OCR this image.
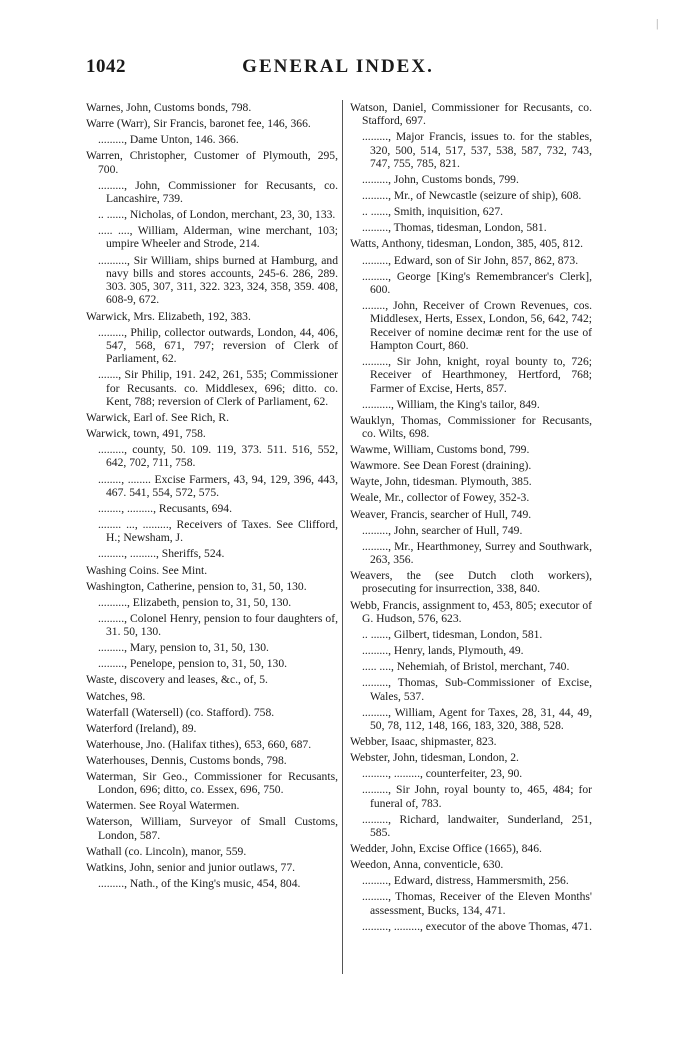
|
1042	GENERAL INDEX.
Warnes, John, Customs bonds, 798.
Warre (Warr), Sir Francis, baronet fee, 146, 366.
........., Dame Unton, 146. 366.
Warren, Christopher, Customer of Plymouth, 295, 700.
........., John, Commissioner for Recusants, co. Lancashire, 739.
.. ......, Nicholas, of London, merchant, 23, 30, 133.
..... ...., William, Alderman, wine merchant, 103; umpire Wheeler and Strode, 214.
.........., Sir William, ships burned at Hamburg, and navy bills and stores accounts, 245-6. 286, 289. 303. 305, 307, 311, 322. 323, 324, 358, 359. 408, 608-9, 672.
Warwick, Mrs. Elizabeth, 192, 383.
........., Philip, collector outwards, London, 44, 406, 547, 568, 671, 797; reversion of Clerk of Parliament, 62.
......., Sir Philip, 191. 242, 261, 535; Commissioner for Recusants. co. Middlesex, 696; ditto. co. Kent, 788; reversion of Clerk of Parliament, 62.
Warwick, Earl of. See Rich, R.
Warwick, town, 491, 758.
........., county, 50. 109. 119, 373. 511. 516, 552, 642, 702, 711, 758.
........, ........ Excise Farmers, 43, 94, 129, 396, 443, 467. 541, 554, 572, 575.
........, ........., Recusants, 694.
........ ..., ........., Receivers of Taxes. See Clifford, H.; Newsham, J.
........., ........., Sheriffs, 524.
Washing Coins. See Mint.
Washington, Catherine, pension to, 31, 50, 130.
.........., Elizabeth, pension to, 31, 50, 130.
........., Colonel Henry, pension to four daughters of, 31. 50, 130.
........., Mary, pension to, 31, 50, 130.
........., Penelope, pension to, 31, 50, 130.
Waste, discovery and leases, &c., of, 5.
Watches, 98.
Waterfall (Watersell) (co. Stafford). 758.
Waterford (Ireland), 89.
Waterhouse, Jno. (Halifax tithes), 653, 660, 687.
Waterhouses, Dennis, Customs bonds, 798.
Waterman, Sir Geo., Commissioner for Recusants, London, 696; ditto, co. Essex, 696, 750.
Watermen. See Royal Watermen.
Waterson, William, Surveyor of Small Customs, London, 587.
Wathall (co. Lincoln), manor, 559.
Watkins, John, senior and junior outlaws, 77.
........., Nath., of the King's music, 454, 804.
Watson, Daniel, Commissioner for Recusants, co. Stafford, 697.
........., Major Francis, issues to. for the stables, 320, 500, 514, 517, 537, 538, 587, 732, 743, 747, 755, 785, 821.
........., John, Customs bonds, 799.
........., Mr., of Newcastle (seizure of ship), 608.
.. ......, Smith, inquisition, 627.
........., Thomas, tidesman, London, 581.
Watts, Anthony, tidesman, London, 385, 405, 812.
........., Edward, son of Sir John, 857, 862, 873.
........., George [King's Remembrancer's Clerk], 600.
........, John, Receiver of Crown Revenues, cos. Middlesex, Herts, Essex, London, 56, 642, 742; Receiver of nomine decimæ rent for the use of Hampton Court, 860.
........., Sir John, knight, royal bounty to, 726; Receiver of Hearthmoney, Hertford, 768; Farmer of Excise, Herts, 857.
.........., William, the King's tailor, 849.
Wauklyn, Thomas, Commissioner for Recusants, co. Wilts, 698.
Wawme, William, Customs bond, 799.
Wawmore. See Dean Forest (draining).
Wayte, John, tidesman. Plymouth, 385.
Weale, Mr., collector of Fowey, 352-3.
Weaver, Francis, searcher of Hull, 749.
........., John, searcher of Hull, 749.
........., Mr., Hearthmoney, Surrey and Southwark, 263, 356.
Weavers, the (see Dutch cloth workers), prosecuting for insurrection, 338, 840.
Webb, Francis, assignment to, 453, 805; executor of G. Hudson, 576, 623.
.. ......, Gilbert, tidesman, London, 581.
........., Henry, lands, Plymouth, 49.
..... ...., Nehemiah, of Bristol, merchant, 740.
........., Thomas, Sub-Commissioner of Excise, Wales, 537.
........., William, Agent for Taxes, 28, 31, 44, 49, 50, 78, 112, 148, 166, 183, 320, 388, 528.
Webber, Isaac, shipmaster, 823.
Webster, John, tidesman, London, 2.
........., ........., counterfeiter, 23, 90.
........., Sir John, royal bounty to, 465, 484; for funeral of, 783.
........., Richard, landwaiter, Sunderland, 251, 585.
Wedder, John, Excise Office (1665), 846.
Weedon, Anna, conventicle, 630.
........., Edward, distress, Hammersmith, 256.
........., Thomas, Receiver of the Eleven Months' assessment, Bucks, 134, 471.
........., ........., executor of the above Thomas, 471.
